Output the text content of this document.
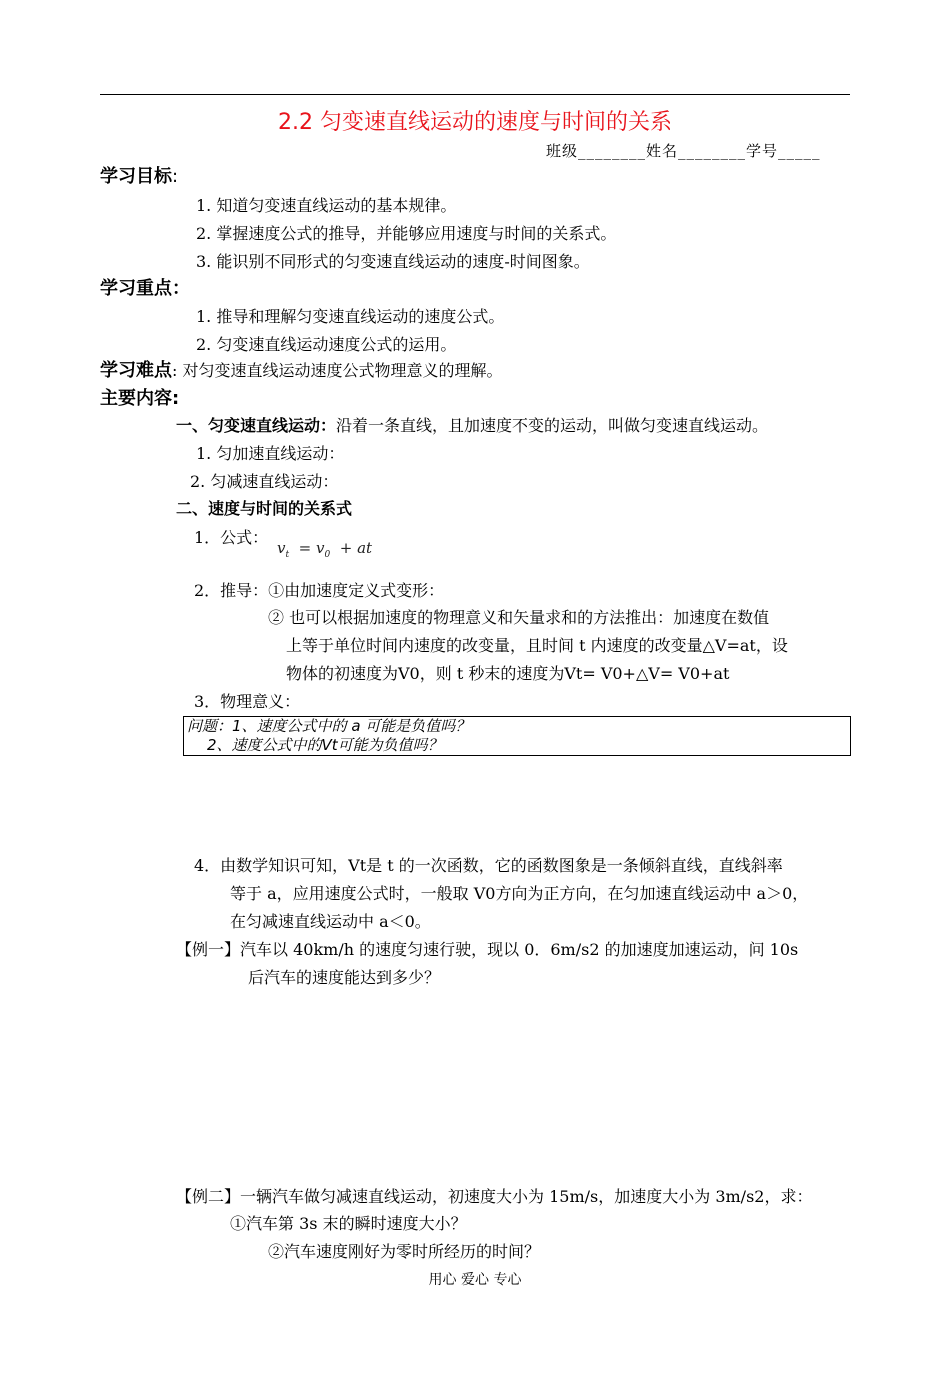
2.2 匀变速直线运动的速度与时间的关系
班级________姓名________学号_____
学习目标:
1. 知道匀变速直线运动的基本规律。
2. 掌握速度公式的推导，并能够应用速度与时间的关系式。
3. 能识别不同形式的匀变速直线运动的速度-时间图象。
学习重点：
1. 推导和理解匀变速直线运动的速度公式。
2. 匀变速直线运动速度公式的运用。
学习难点: 对匀变速直线运动速度公式物理意义的理解。
主要内容:
一、匀变速直线运动：沿着一条直线，且加速度不变的运动，叫做匀变速直线运动。
1. 匀加速直线运动：
2. 匀减速直线运动：
二、速度与时间的关系式
1．公式：
$v_t = v_0$  + at
2．推导：①由加速度定义式变形：
② 也可以根据加速度的物理意义和矢量求和的方法推出：加速度在数值
上等于单位时间内速度的改变量，且时间 t 内速度的改变量△V=at，设
物体的初速度为V0，则 t 秒末的速度为Vt= V0+△V= V0+at
3．物理意义：
问题：1、速度公式中的 a 可能是负值吗？
2、速度公式中的Vt可能为负值吗？
4．由数学知识可知，Vt是 t 的一次函数，它的函数图象是一条倾斜直线，直线斜率
等于 a，应用速度公式时，一般取 V0方向为正方向，在匀加速直线运动中 a＞0，
在匀减速直线运动中 a＜0。
【例一】汽车以 40km/h 的速度匀速行驶，现以 0．6m/s2 的加速度加速运动，问 10s
后汽车的速度能达到多少？
【例二】一辆汽车做匀减速直线运动，初速度大小为 15m/s，加速度大小为 3m/s2，求：
①汽车第 3s 末的瞬时速度大小？
②汽车速度刚好为零时所经历的时间？
用心 爱心 专心
